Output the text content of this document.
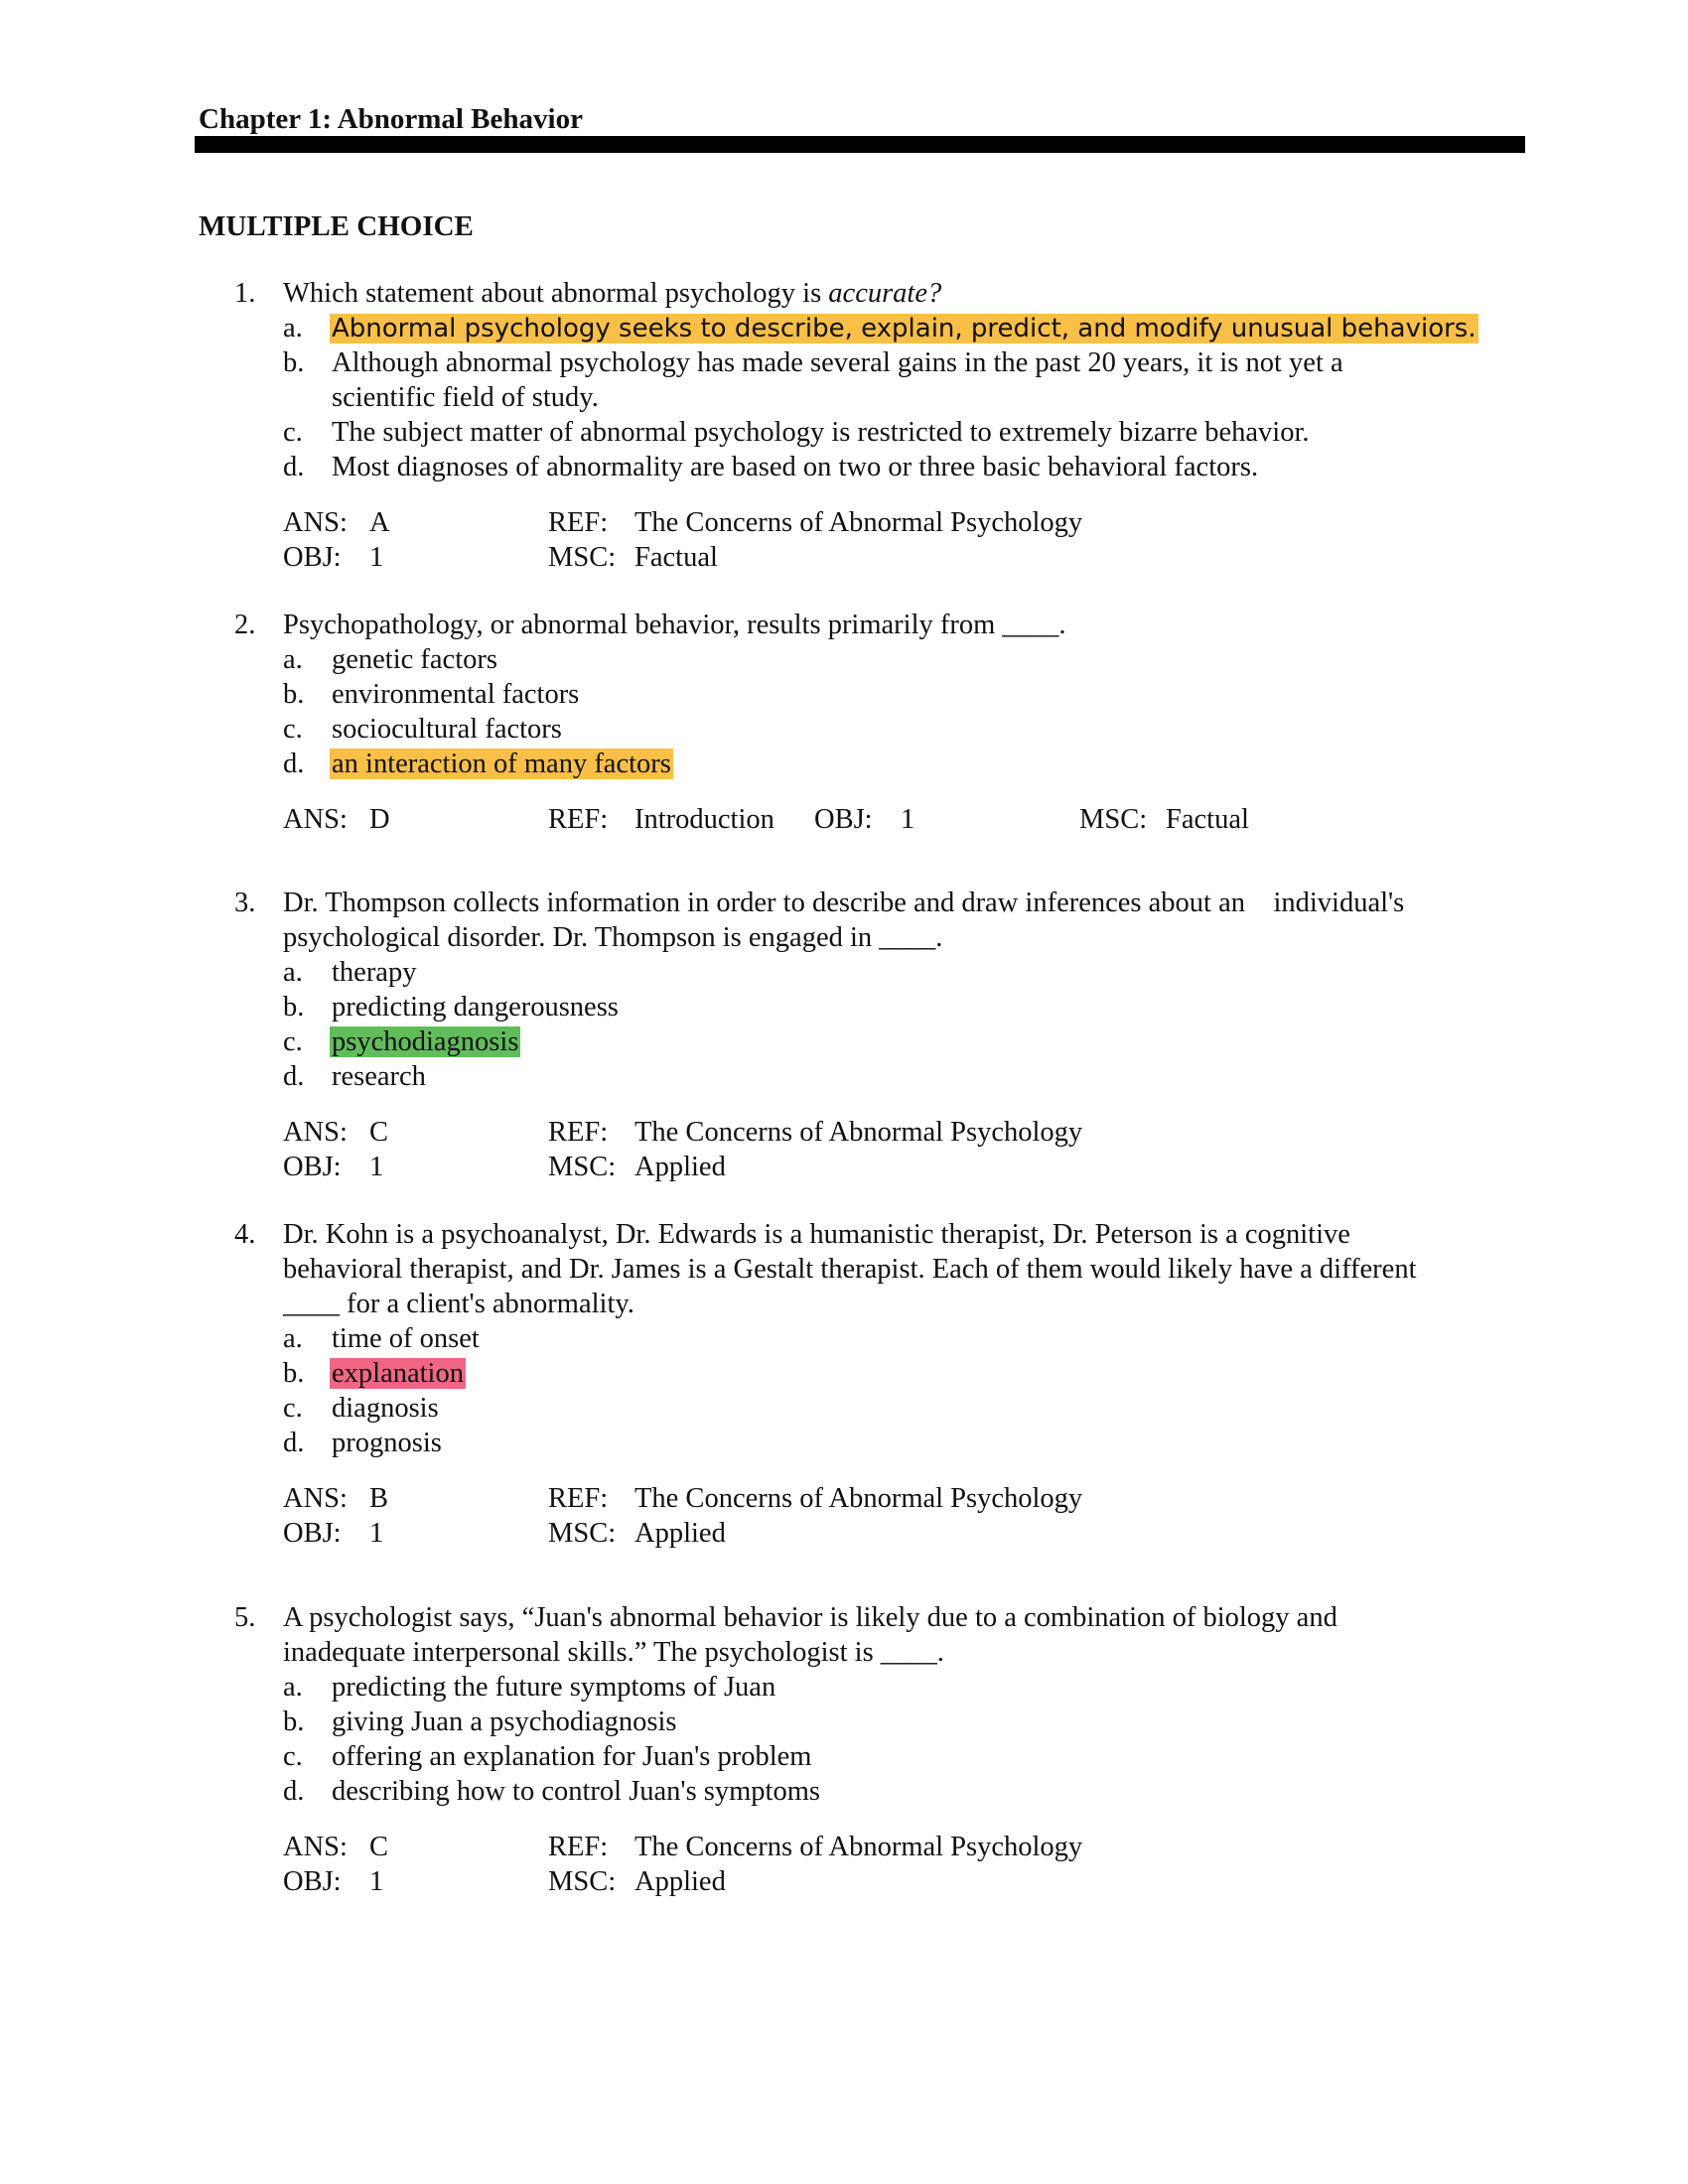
Chapter 1: Abnormal Behavior
MULTIPLE CHOICE
1. Which statement about abnormal psychology is accurate?
a. Abnormal psychology seeks to describe, explain, predict, and modify unusual behaviors.
b. Although abnormal psychology has made several gains in the past 20 years, it is not yet a
scientific field of study.
c. The subject matter of abnormal psychology is restricted to extremely bizarre behavior.
d. Most diagnoses of abnormality are based on two or three basic behavioral factors.
ANS: A	REF: The Concerns of Abnormal Psychology
OBJ: 1	MSC: Factual
2. Psychopathology, or abnormal behavior, results primarily from ____.
a. genetic factors
b. environmental factors
c. sociocultural factors
d. an interaction of many factors
ANS: D	REF: Introduction OBJ: 1	MSC: Factual
3. Dr. Thompson collects information in order to describe and draw inferences about an    individual's
psychological disorder. Dr. Thompson is engaged in ____.
a. therapy
b. predicting dangerousness
c. psychodiagnosis
d. research
ANS: C	REF: The Concerns of Abnormal Psychology
OBJ: 1	MSC: Applied
4. Dr. Kohn is a psychoanalyst, Dr. Edwards is a humanistic therapist, Dr. Peterson is a cognitive
behavioral therapist, and Dr. James is a Gestalt therapist. Each of them would likely have a different
____ for a client's abnormality.
a. time of onset
b. explanation
c. diagnosis
d. prognosis
ANS: B	REF: The Concerns of Abnormal Psychology
OBJ: 1	MSC: Applied
5. A psychologist says, “Juan's abnormal behavior is likely due to a combination of biology and
inadequate interpersonal skills.” The psychologist is ____.
a. predicting the future symptoms of Juan
b. giving Juan a psychodiagnosis
c. offering an explanation for Juan's problem
d. describing how to control Juan's symptoms
ANS: C	REF: The Concerns of Abnormal Psychology
OBJ: 1	MSC: Applied
